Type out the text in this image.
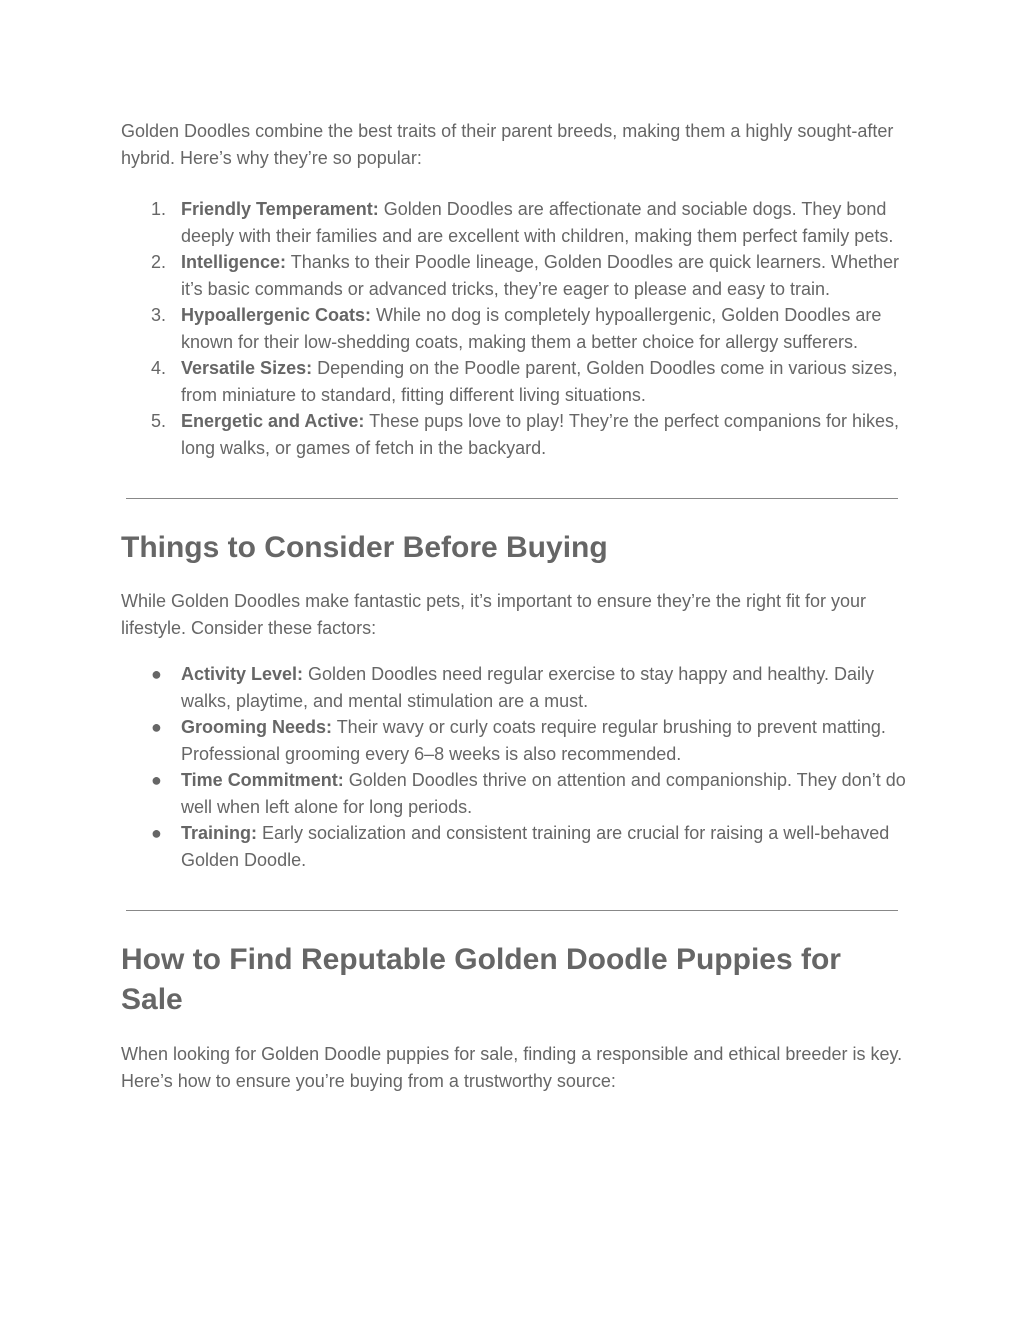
Golden Doodles combine the best traits of their parent breeds, making them a highly sought-after hybrid. Here’s why they’re so popular:

1. Friendly Temperament: Golden Doodles are affectionate and sociable dogs. They bond deeply with their families and are excellent with children, making them perfect family pets.
2. Intelligence: Thanks to their Poodle lineage, Golden Doodles are quick learners. Whether it’s basic commands or advanced tricks, they’re eager to please and easy to train.
3. Hypoallergenic Coats: While no dog is completely hypoallergenic, Golden Doodles are known for their low-shedding coats, making them a better choice for allergy sufferers.
4. Versatile Sizes: Depending on the Poodle parent, Golden Doodles come in various sizes, from miniature to standard, fitting different living situations.
5. Energetic and Active: These pups love to play! They’re the perfect companions for hikes, long walks, or games of fetch in the backyard.
Things to Consider Before Buying

While Golden Doodles make fantastic pets, it’s important to ensure they’re the right fit for your lifestyle. Consider these factors:

● Activity Level: Golden Doodles need regular exercise to stay happy and healthy. Daily walks, playtime, and mental stimulation are a must.
● Grooming Needs: Their wavy or curly coats require regular brushing to prevent matting. Professional grooming every 6–8 weeks is also recommended.
● Time Commitment: Golden Doodles thrive on attention and companionship. They don’t do well when left alone for long periods.
● Training: Early socialization and consistent training are crucial for raising a well-behaved Golden Doodle.
How to Find Reputable Golden Doodle Puppies for Sale

When looking for Golden Doodle puppies for sale, finding a responsible and ethical breeder is key. Here’s how to ensure you’re buying from a trustworthy source:
